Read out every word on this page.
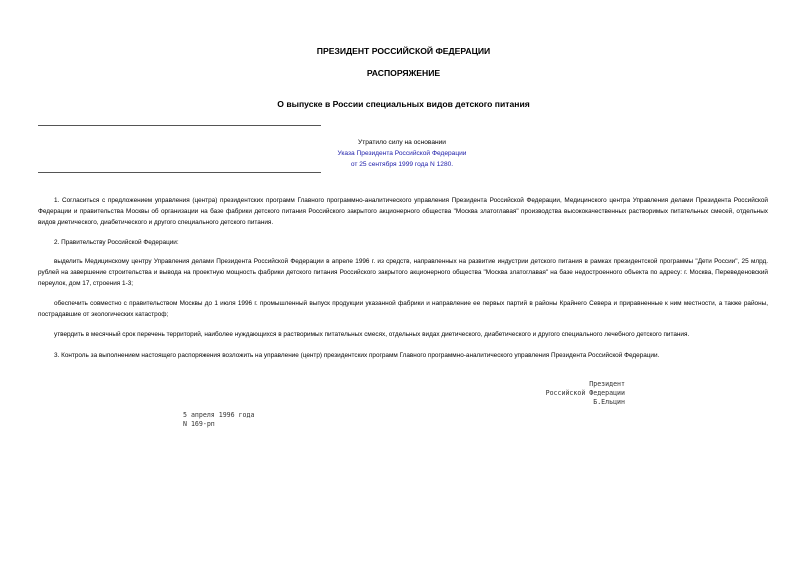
ПРЕЗИДЕНТ РОССИЙСКОЙ ФЕДЕРАЦИИ
РАСПОРЯЖЕНИЕ
О выпуске в России специальных видов детского питания
Утратило силу на основании
Указа Президента Российской Федерации
от 25 сентября 1999 года N 1280.
1. Согласиться с предложением управления (центра) президентских программ Главного программно-аналитического управления Президента Российской Федерации, Медицинского центра Управления делами Президента Российской Федерации и правительства Москвы об организации на базе фабрики детского питания Российского закрытого акционерного общества "Москва златоглавая" производства высококачественных растворимых питательных смесей, отдельных видов диетического, диабетического и другого специального детского питания.
2. Правительству Российской Федерации:
выделить Медицинскому центру Управления делами Президента Российской Федерации в апреле 1996 г. из средств, направленных на развитие индустрии детского питания в рамках президентской программы "Дети России", 25 млрд. рублей на завершение строительства и вывода на проектную мощность фабрики детского питания Российского закрытого акционерного общества "Москва златоглавая" на базе недостроенного объекта по адресу: г. Москва, Переведеновский переулок, дом 17, строения 1-3;
обеспечить совместно с правительством Москвы до 1 июля 1996 г. промышленный выпуск продукции указанной фабрики и направление ее первых партий в районы Крайнего Севера и приравненные к ним местности, а также районы, пострадавшие от экологических катастроф;
утвердить в месячный срок перечень территорий, наиболее нуждающихся в растворимых питательных смесях, отдельных видах диетического, диабетического и другого специального лечебного детского питания.
3. Контроль за выполнением настоящего распоряжения возложить на управление (центр) президентских программ Главного программно-аналитического управления Президента Российской Федерации.
Президент
Российской Федерации
Б.Ельцин
5 апреля 1996 года
N 169-рп
